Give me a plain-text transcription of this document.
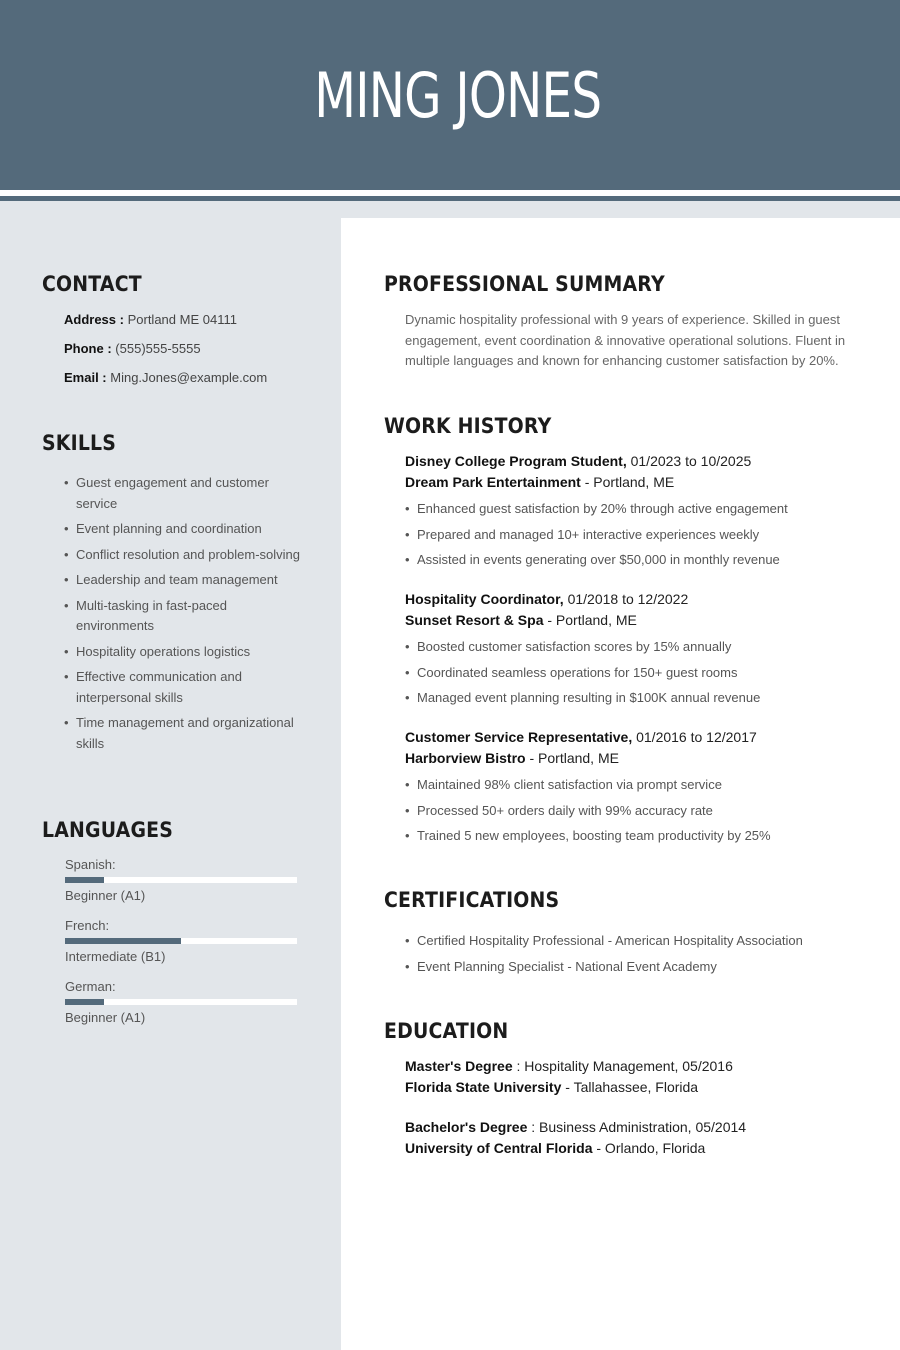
MING JONES
CONTACT
Address : Portland ME 04111
Phone : (555)555-5555
Email : Ming.Jones@example.com
SKILLS
• Guest engagement and customer service
• Event planning and coordination
• Conflict resolution and problem-solving
• Leadership and team management
• Multi-tasking in fast-paced environments
• Hospitality operations logistics
• Effective communication and interpersonal skills
• Time management and organizational skills
LANGUAGES
Spanish:
Beginner (A1)
French:
Intermediate (B1)
German:
Beginner (A1)
PROFESSIONAL SUMMARY

Dynamic hospitality professional with 9 years of experience. Skilled in guest engagement, event coordination & innovative operational solutions. Fluent in multiple languages and known for enhancing customer satisfaction by 20%.

WORK HISTORY
Disney College Program Student, 01/2023 to 10/2025
Dream Park Entertainment - Portland, ME
• Enhanced guest satisfaction by 20% through active engagement
• Prepared and managed 10+ interactive experiences weekly
• Assisted in events generating over $50,000 in monthly revenue
Hospitality Coordinator, 01/2018 to 12/2022
Sunset Resort & Spa - Portland, ME
• Boosted customer satisfaction scores by 15% annually
• Coordinated seamless operations for 150+ guest rooms
• Managed event planning resulting in $100K annual revenue
Customer Service Representative, 01/2016 to 12/2017
Harborview Bistro - Portland, ME
• Maintained 98% client satisfaction via prompt service
• Processed 50+ orders daily with 99% accuracy rate
• Trained 5 new employees, boosting team productivity by 25%
CERTIFICATIONS
• Certified Hospitality Professional - American Hospitality Association
• Event Planning Specialist - National Event Academy
EDUCATION
Master's Degree : Hospitality Management, 05/2016
Florida State University - Tallahassee, Florida
Bachelor's Degree : Business Administration, 05/2014
University of Central Florida - Orlando, Florida
